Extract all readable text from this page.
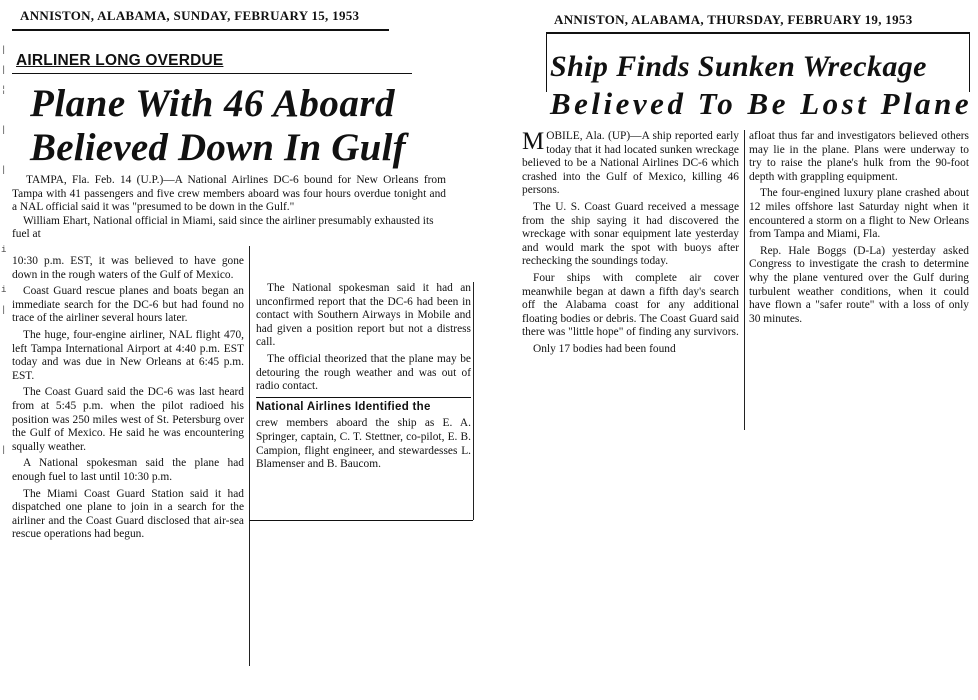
|
|
¦

|

|

i

i
|

|
ANNISTON, ALABAMA, SUNDAY, FEBRUARY 15, 1953
AIRLINER LONG OVERDUE
Plane With 46 Aboard
Believed Down In Gulf

TAMPA, Fla. Feb. 14 (U.P.)—A National Airlines DC-6 bound for New Orleans from Tampa with 41 passengers and five crew members aboard was four hours overdue tonight and a NAL official said it was "presumed to be down in the Gulf."

William Ehart, National official in Miami, said since the airliner presumably exhausted its fuel at

10:30 p.m. EST, it was believed to have gone down in the rough waters of the Gulf of Mexico.

Coast Guard rescue planes and boats began an immediate search for the DC-6 but had found no trace of the airliner several hours later.

The huge, four-engine airliner, NAL flight 470, left Tampa International Airport at 4:40 p.m. EST today and was due in New Orleans at 6:45 p.m. EST.

The Coast Guard said the DC-6 was last heard from at 5:45 p.m. when the pilot radioed his position was 250 miles west of St. Petersburg over the Gulf of Mexico. He said he was encountering squally weather.

A National spokesman said the plane had enough fuel to last until 10:30 p.m.

The Miami Coast Guard Station said it had dispatched one plane to join in a search for the airliner and the Coast Guard disclosed that air-sea rescue operations had begun.

The National spokesman said it had an unconfirmed report that the DC-6 had been in contact with Southern Airways in Mobile and had given a position report but not a distress call.

The official theorized that the plane may be detouring the rough weather and was out of radio contact.

National Airlines Identified the

crew members aboard the ship as E. A. Springer, captain, C. T. Stettner, co-pilot, E. B. Campion, flight engineer, and stewardesses L. Blamenser and B. Baucom.

ANNISTON, ALABAMA, THURSDAY, FEBRUARY 19, 1953
Ship Finds Sunken Wreckage
Believed To Be Lost Plane

MOBILE, Ala. (UP)—A ship reported early today that it had located sunken wreckage believed to be a National Airlines DC-6 which crashed into the Gulf of Mexico, killing 46 persons.

The U. S. Coast Guard received a message from the ship saying it had discovered the wreckage with sonar equipment late yesterday and would mark the spot with buoys after rechecking the soundings today.

Four ships with complete air cover meanwhile began at dawn a fifth day's search off the Alabama coast for any additional floating bodies or debris. The Coast Guard said there was "little hope" of finding any survivors.

Only 17 bodies had been found

afloat thus far and investigators believed others may lie in the plane. Plans were underway to try to raise the plane's hulk from the 90-foot depth with grappling equipment.

The four-engined luxury plane crashed about 12 miles offshore last Saturday night when it encountered a storm on a flight to New Orleans from Tampa and Miami, Fla.

Rep. Hale Boggs (D-La) yesterday asked Congress to investigate the crash to determine why the plane ventured over the Gulf during turbulent weather conditions, when it could have flown a "safer route" with a loss of only 30 minutes.
